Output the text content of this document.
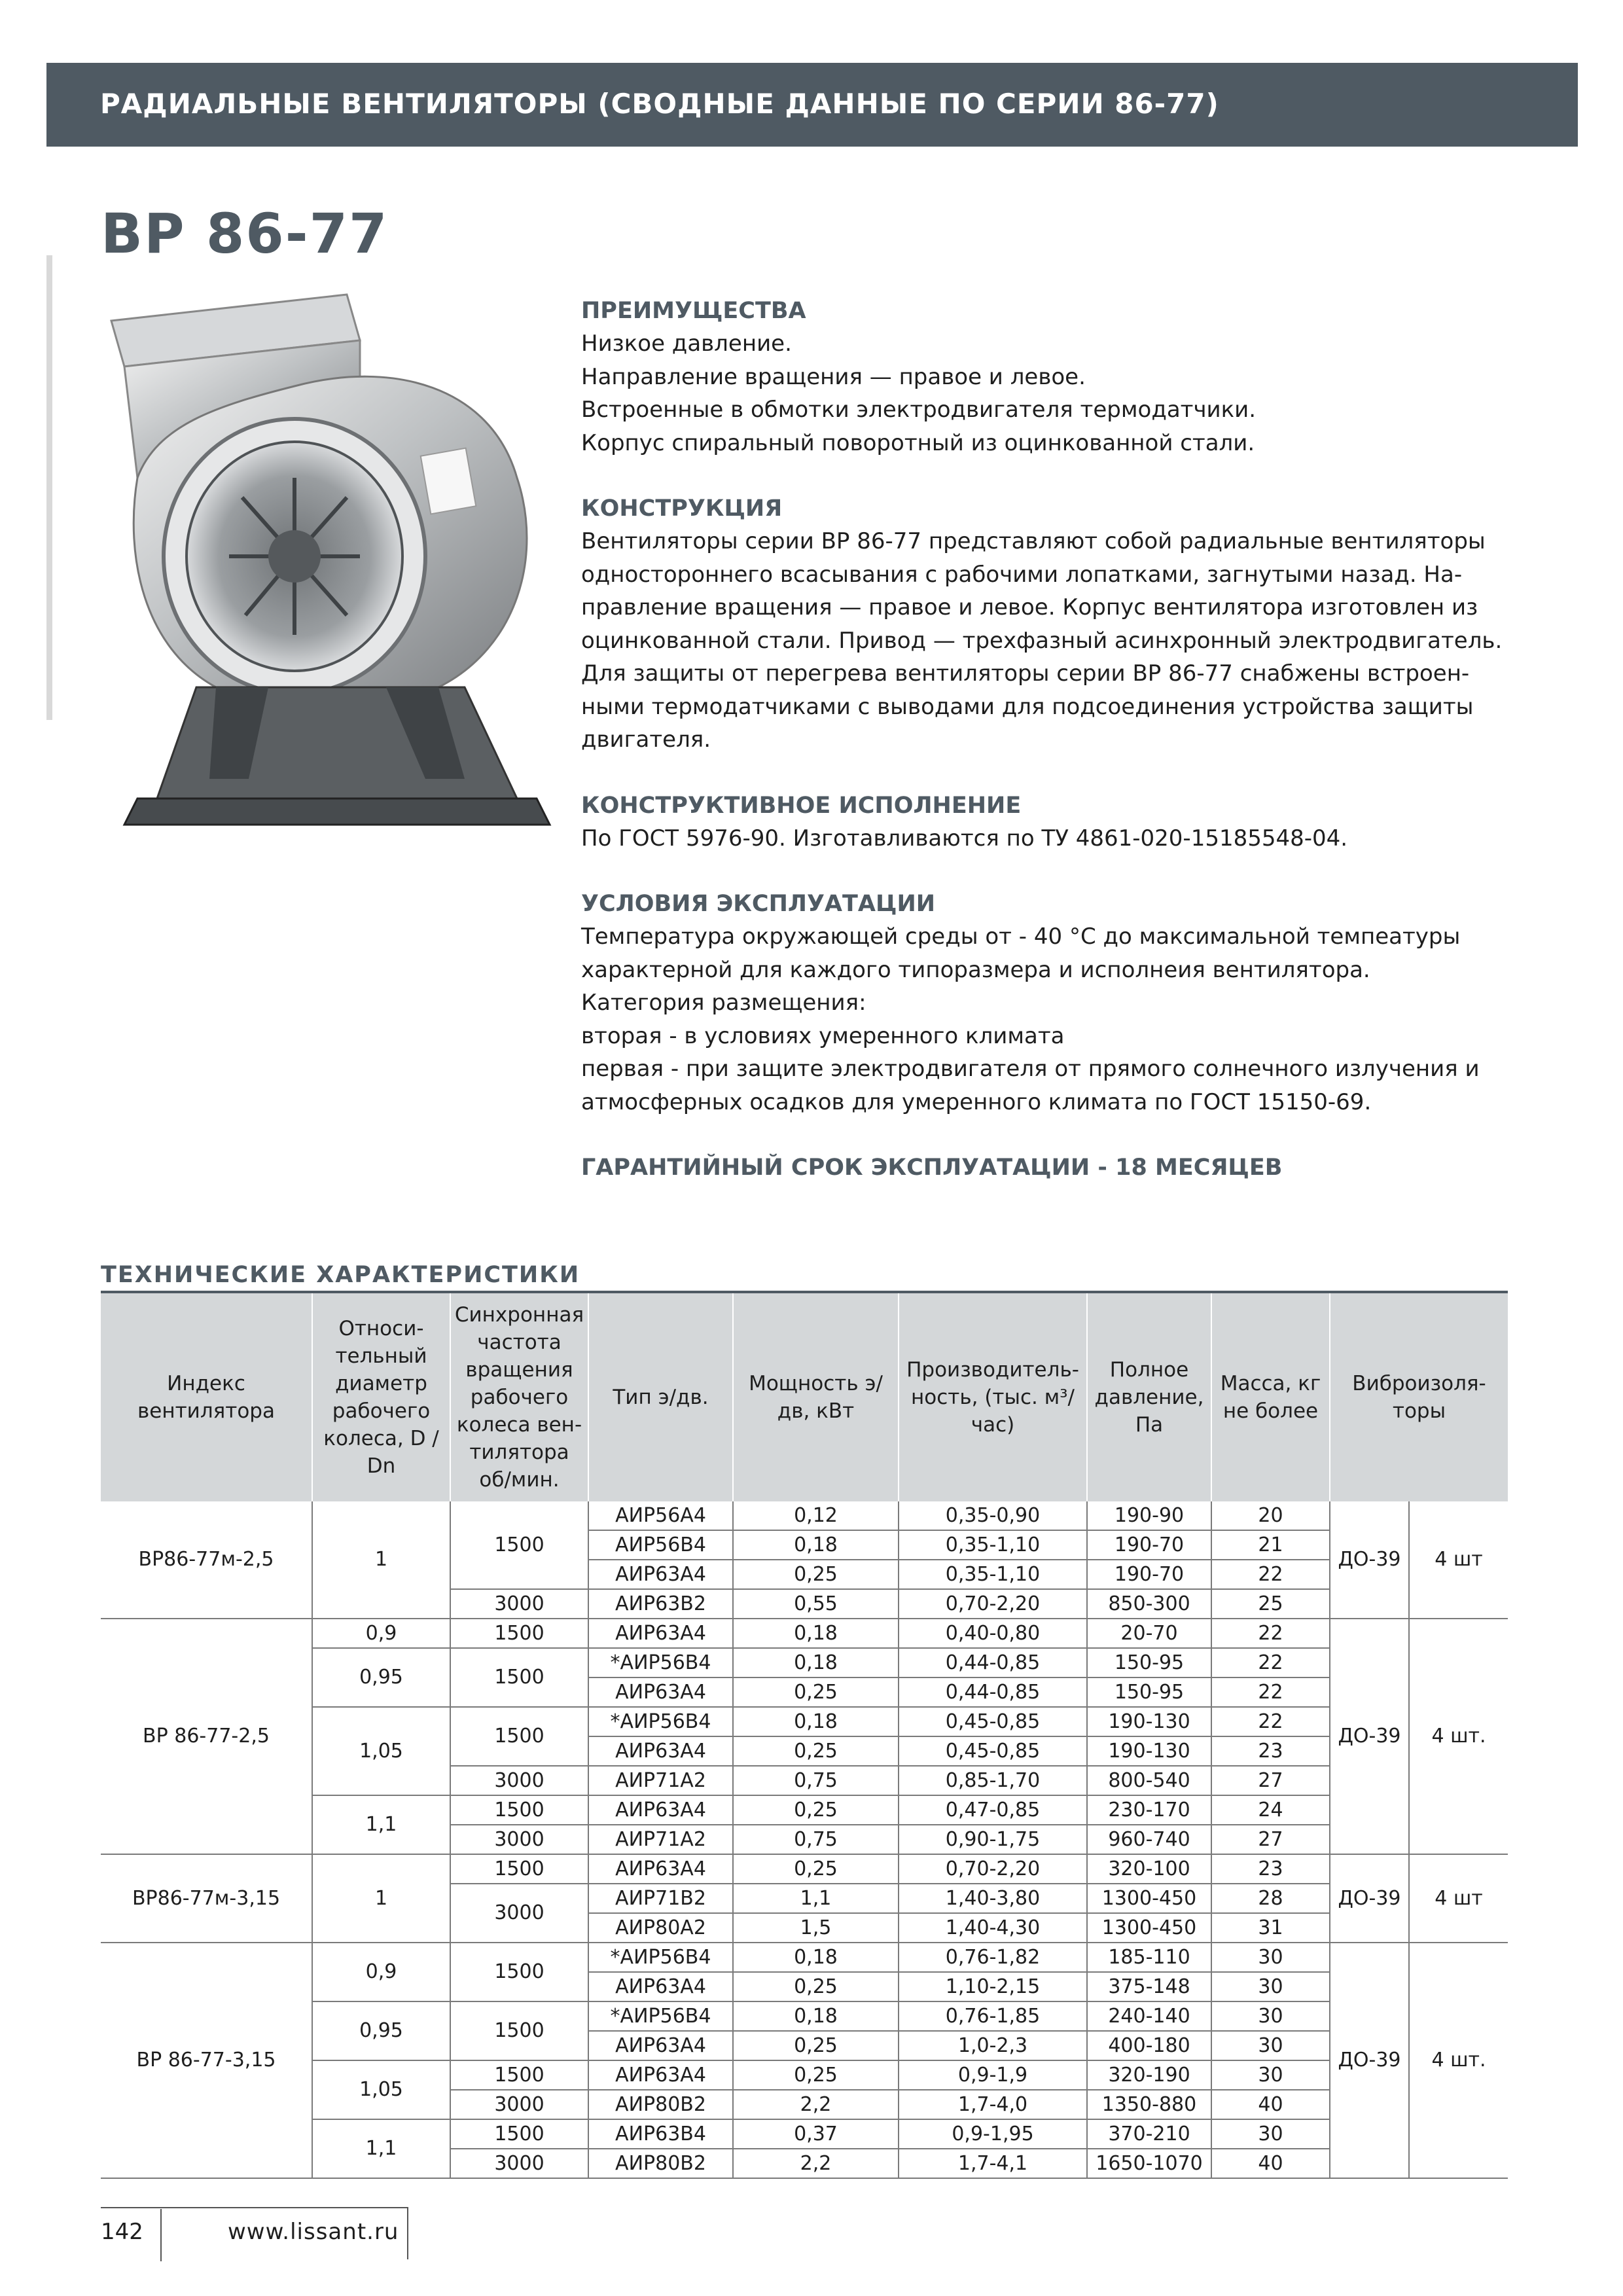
РАДИАЛЬНЫЕ ВЕНТИЛЯТОРЫ (СВОДНЫЕ ДАННЫЕ ПО СЕРИИ 86-77)
ВР 86-77
ПРЕИМУЩЕСТВА
Низкое давление.
Направление вращения — правое и левое.
Встроенные в обмотки электродвигателя термодатчики.
Корпус спиральный поворотный из оцинкованной стали.
КОНСТРУКЦИЯ
Вентиляторы серии ВР 86-77 представляют собой радиальные вентиляторы
одностороннего всасывания с рабочими лопатками, загнутыми назад. На-
правление вращения — правое и левое. Корпус вентилятора изготовлен из
оцинкованной стали. Привод — трехфазный асинхронный электродвигатель.
Для защиты от перегрева вентиляторы серии ВР 86-77 снабжены встроен-
ными термодатчиками с выводами для подсоединения устройства защиты
двигателя.
КОНСТРУКТИВНОЕ ИСПОЛНЕНИЕ
По ГОСТ 5976-90. Изготавливаются по ТУ 4861-020-15185548-04.
УСЛОВИЯ ЭКСПЛУАТАЦИИ
Температура окружающей среды от - 40 °С до максимальной темпеатуры
характерной для каждого типоразмера и исполнеия вентилятора.
Категория размещения:
вторая - в условиях умеренного климата
первая - при защите электродвигателя от прямого солнечного излучения и
атмосферных осадков для умеренного климата по ГОСТ 15150-69.
ГАРАНТИЙНЫЙ СРОК ЭКСПЛУАТАЦИИ - 18 МЕСЯЦЕВ
ТЕХНИЧЕСКИЕ ХАРАКТЕРИСТИКИ
Индекс вентилятора	Относи-тельный диаметр рабочего колеса, D / Dn	Синхронная частота вращения рабочего колеса вен-тилятора об/мин.	Тип э/дв.	Мощность э/дв, кВт	Производитель-ность, (тыс. м³/час)	Полное давление, Па	Масса, кг не более	Виброизоля-торы	
ВР86-77м-2,5	1	1500	АИР56А4	0,12	0,35-0,90	190-90	20	ДО-39	4 шт
			АИР56В4	0,18	0,35-1,10	190-70	21		
			АИР63А4	0,25	0,35-1,10	190-70	22		
		3000	АИР63В2	0,55	0,70-2,20	850-300	25		
ВР 86-77-2,5	0,9	1500	АИР63А4	0,18	0,40-0,80	20-70	22	ДО-39	4 шт.
	0,95	1500	*АИР56В4	0,18	0,44-0,85	150-95	22		
			АИР63А4	0,25	0,44-0,85	150-95	22		
	1,05	1500	*АИР56В4	0,18	0,45-0,85	190-130	22		
			АИР63А4	0,25	0,45-0,85	190-130	23		
		3000	АИР71А2	0,75	0,85-1,70	800-540	27		
	1,1	1500	АИР63А4	0,25	0,47-0,85	230-170	24		
		3000	АИР71А2	0,75	0,90-1,75	960-740	27		
ВР86-77м-3,15	1	1500	АИР63А4	0,25	0,70-2,20	320-100	23	ДО-39	4 шт
		3000	АИР71В2	1,1	1,40-3,80	1300-450	28		
			АИР80А2	1,5	1,40-4,30	1300-450	31		
ВР 86-77-3,15	0,9	1500	*АИР56В4	0,18	0,76-1,82	185-110	30	ДО-39	4 шт.
			АИР63А4	0,25	1,10-2,15	375-148	30		
	0,95	1500	*АИР56В4	0,18	0,76-1,85	240-140	30		
			АИР63А4	0,25	1,0-2,3	400-180	30		
	1,05	1500	АИР63А4	0,25	0,9-1,9	320-190	30		
		3000	АИР80В2	2,2	1,7-4,0	1350-880	40		
	1,1	1500	АИР63В4	0,37	0,9-1,95	370-210	30		
		3000	АИР80В2	2,2	1,7-4,1	1650-1070	40		
142	www.lissant.ru
